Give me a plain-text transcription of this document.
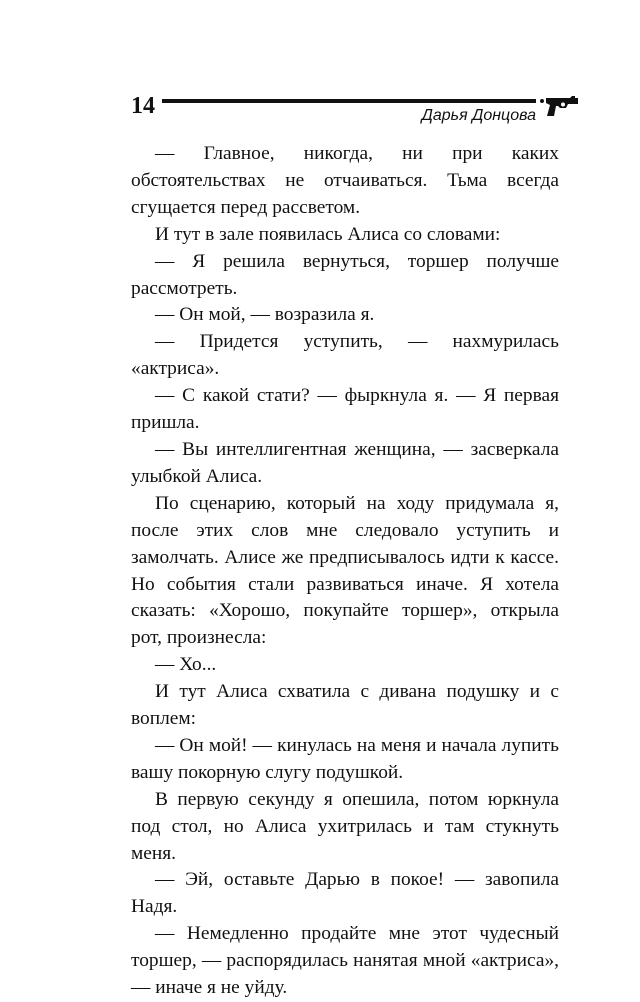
14	Дарья Донцова

— Главное, никогда, ни при каких обстоятельствах не отчаиваться. Тьма всегда сгущается перед рассветом.

И тут в зале появилась Алиса со словами:

— Я решила вернуться, торшер получше рассмотреть.

— Он мой, — возразила я.

— Придется уступить, — нахмурилась «актриса».

— С какой стати? — фыркнула я. — Я первая пришла.

— Вы интеллигентная женщина, — засверкала улыбкой Алиса.

По сценарию, который на ходу придумала я, после этих слов мне следовало уступить и замолчать. Алисе же предписывалось идти к кассе. Но события стали развиваться иначе. Я хотела сказать: «Хорошо, покупайте торшер», открыла рот, произнесла:

— Хо...

И тут Алиса схватила с дивана подушку и с воплем:

— Он мой! — кинулась на меня и начала лупить вашу покорную слугу подушкой.

В первую секунду я опешила, потом юркнула под стол, но Алиса ухитрилась и там стукнуть меня.

— Эй, оставьте Дарью в покое! — завопила Надя.

— Немедленно продайте мне этот чудесный торшер, — распорядилась нанятая мной «актриса», — иначе я не уйду.
